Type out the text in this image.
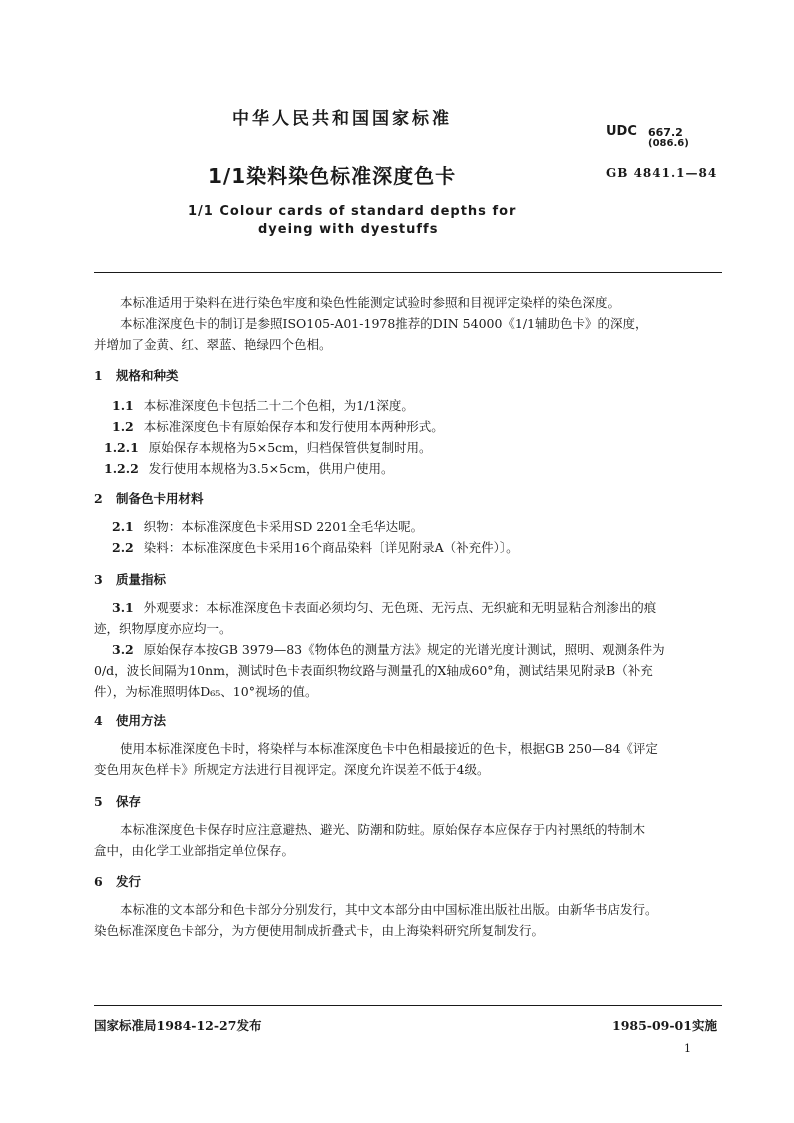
中华人民共和国国家标准
UDC 667.2
(086.6)
1/1染料染色标准深度色卡	GB 4841.1—84
1/1 Colour cards of standard depths for
dyeing with dyestuffs
本标准适用于染料在进行染色牢度和染色性能测定试验时参照和目视评定染样的染色深度。
本标准深度色卡的制订是参照ISO105-A01-1978推荐的DIN 54000《1/1辅助色卡》的深度，
并增加了金黄、红、翠蓝、艳绿四个色相。
1 规格和种类
1.1 本标准深度色卡包括二十二个色相，为1/1深度。
1.2 本标准深度色卡有原始保存本和发行使用本两种形式。
1.2.1 原始保存本规格为5×5cm，归档保管供复制时用。
1.2.2 发行使用本规格为3.5×5cm，供用户使用。
2 制备色卡用材料
2.1 织物：本标准深度色卡采用SD 2201全毛华达呢。
2.2 染料：本标准深度色卡采用16个商品染料〔详见附录A（补充件）〕。
3 质量指标
3.1 外观要求：本标准深度色卡表面必须均匀、无色斑、无污点、无织疵和无明显粘合剂渗出的痕
迹，织物厚度亦应均一。
3.2 原始保存本按GB 3979—83《物体色的测量方法》规定的光谱光度计测试，照明、观测条件为
0/d，波长间隔为10nm，测试时色卡表面织物纹路与测量孔的X轴成60°角，测试结果见附录B（补充
件），为标准照明体D₆₅、10°视场的值。
4 使用方法
使用本标准深度色卡时，将染样与本标准深度色卡中色相最接近的色卡，根据GB 250—84《评定
变色用灰色样卡》所规定方法进行目视评定。深度允许误差不低于4级。
5 保存
本标准深度色卡保存时应注意避热、避光、防潮和防蛀。原始保存本应保存于内衬黑纸的特制木
盒中，由化学工业部指定单位保存。
6 发行
本标准的文本部分和色卡部分分别发行，其中文本部分由中国标准出版社出版。由新华书店发行。
染色标准深度色卡部分，为方便使用制成折叠式卡，由上海染料研究所复制发行。
国家标准局1984-12-27发布	1985-09-01实施
1
